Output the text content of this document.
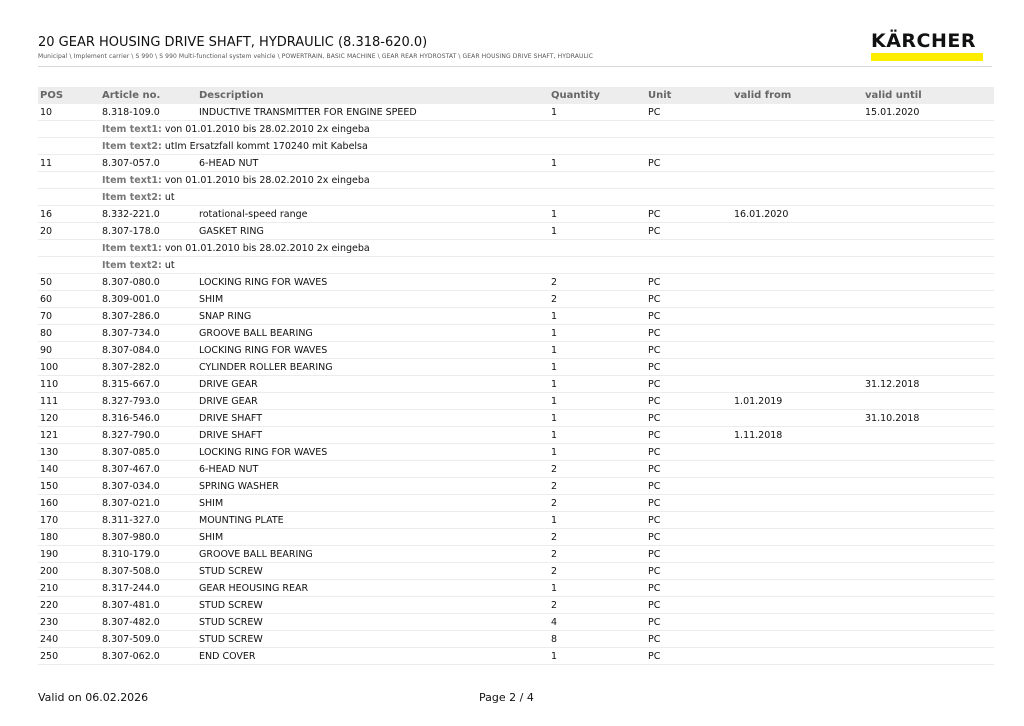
20 GEAR HOUSING DRIVE SHAFT, HYDRAULIC (8.318-620.0)
Municipal \ Implement carrier \ S 990 \ S 990 Multi-functional system vehicle \ POWERTRAIN, BASIC MACHINE \ GEAR REAR HYDROSTAT \ GEAR HOUSING DRIVE SHAFT, HYDRAULIC
KÄRCHER
POS	Article no.	Description	Quantity	Unit	valid from	valid until
10	8.318-109.0	INDUCTIVE TRANSMITTER FOR ENGINE SPEED	1	PC		15.01.2020
	Item text1: von 01.01.2010 bis 28.02.2010 2x eingeba					
	Item text2: utIm Ersatzfall kommt 170240 mit Kabelsa					
11	8.307-057.0	6-HEAD NUT	1	PC		
	Item text1: von 01.01.2010 bis 28.02.2010 2x eingeba					
	Item text2: ut					
16	8.332-221.0	rotational-speed range	1	PC	16.01.2020	
20	8.307-178.0	GASKET RING	1	PC		
	Item text1: von 01.01.2010 bis 28.02.2010 2x eingeba					
	Item text2: ut					
50	8.307-080.0	LOCKING RING FOR WAVES	2	PC		
60	8.309-001.0	SHIM	2	PC		
70	8.307-286.0	SNAP RING	1	PC		
80	8.307-734.0	GROOVE BALL BEARING	1	PC		
90	8.307-084.0	LOCKING RING FOR WAVES	1	PC		
100	8.307-282.0	CYLINDER ROLLER BEARING	1	PC		
110	8.315-667.0	DRIVE GEAR	1	PC		31.12.2018
111	8.327-793.0	DRIVE GEAR	1	PC	1.01.2019	
120	8.316-546.0	DRIVE SHAFT	1	PC		31.10.2018
121	8.327-790.0	DRIVE SHAFT	1	PC	1.11.2018	
130	8.307-085.0	LOCKING RING FOR WAVES	1	PC		
140	8.307-467.0	6-HEAD NUT	2	PC		
150	8.307-034.0	SPRING WASHER	2	PC		
160	8.307-021.0	SHIM	2	PC		
170	8.311-327.0	MOUNTING PLATE	1	PC		
180	8.307-980.0	SHIM	2	PC		
190	8.310-179.0	GROOVE BALL BEARING	2	PC		
200	8.307-508.0	STUD SCREW	2	PC		
210	8.317-244.0	GEAR HEOUSING REAR	1	PC		
220	8.307-481.0	STUD SCREW	2	PC		
230	8.307-482.0	STUD SCREW	4	PC		
240	8.307-509.0	STUD SCREW	8	PC		
250	8.307-062.0	END COVER	1	PC		
Valid on 06.02.2026	Page 2 / 4
